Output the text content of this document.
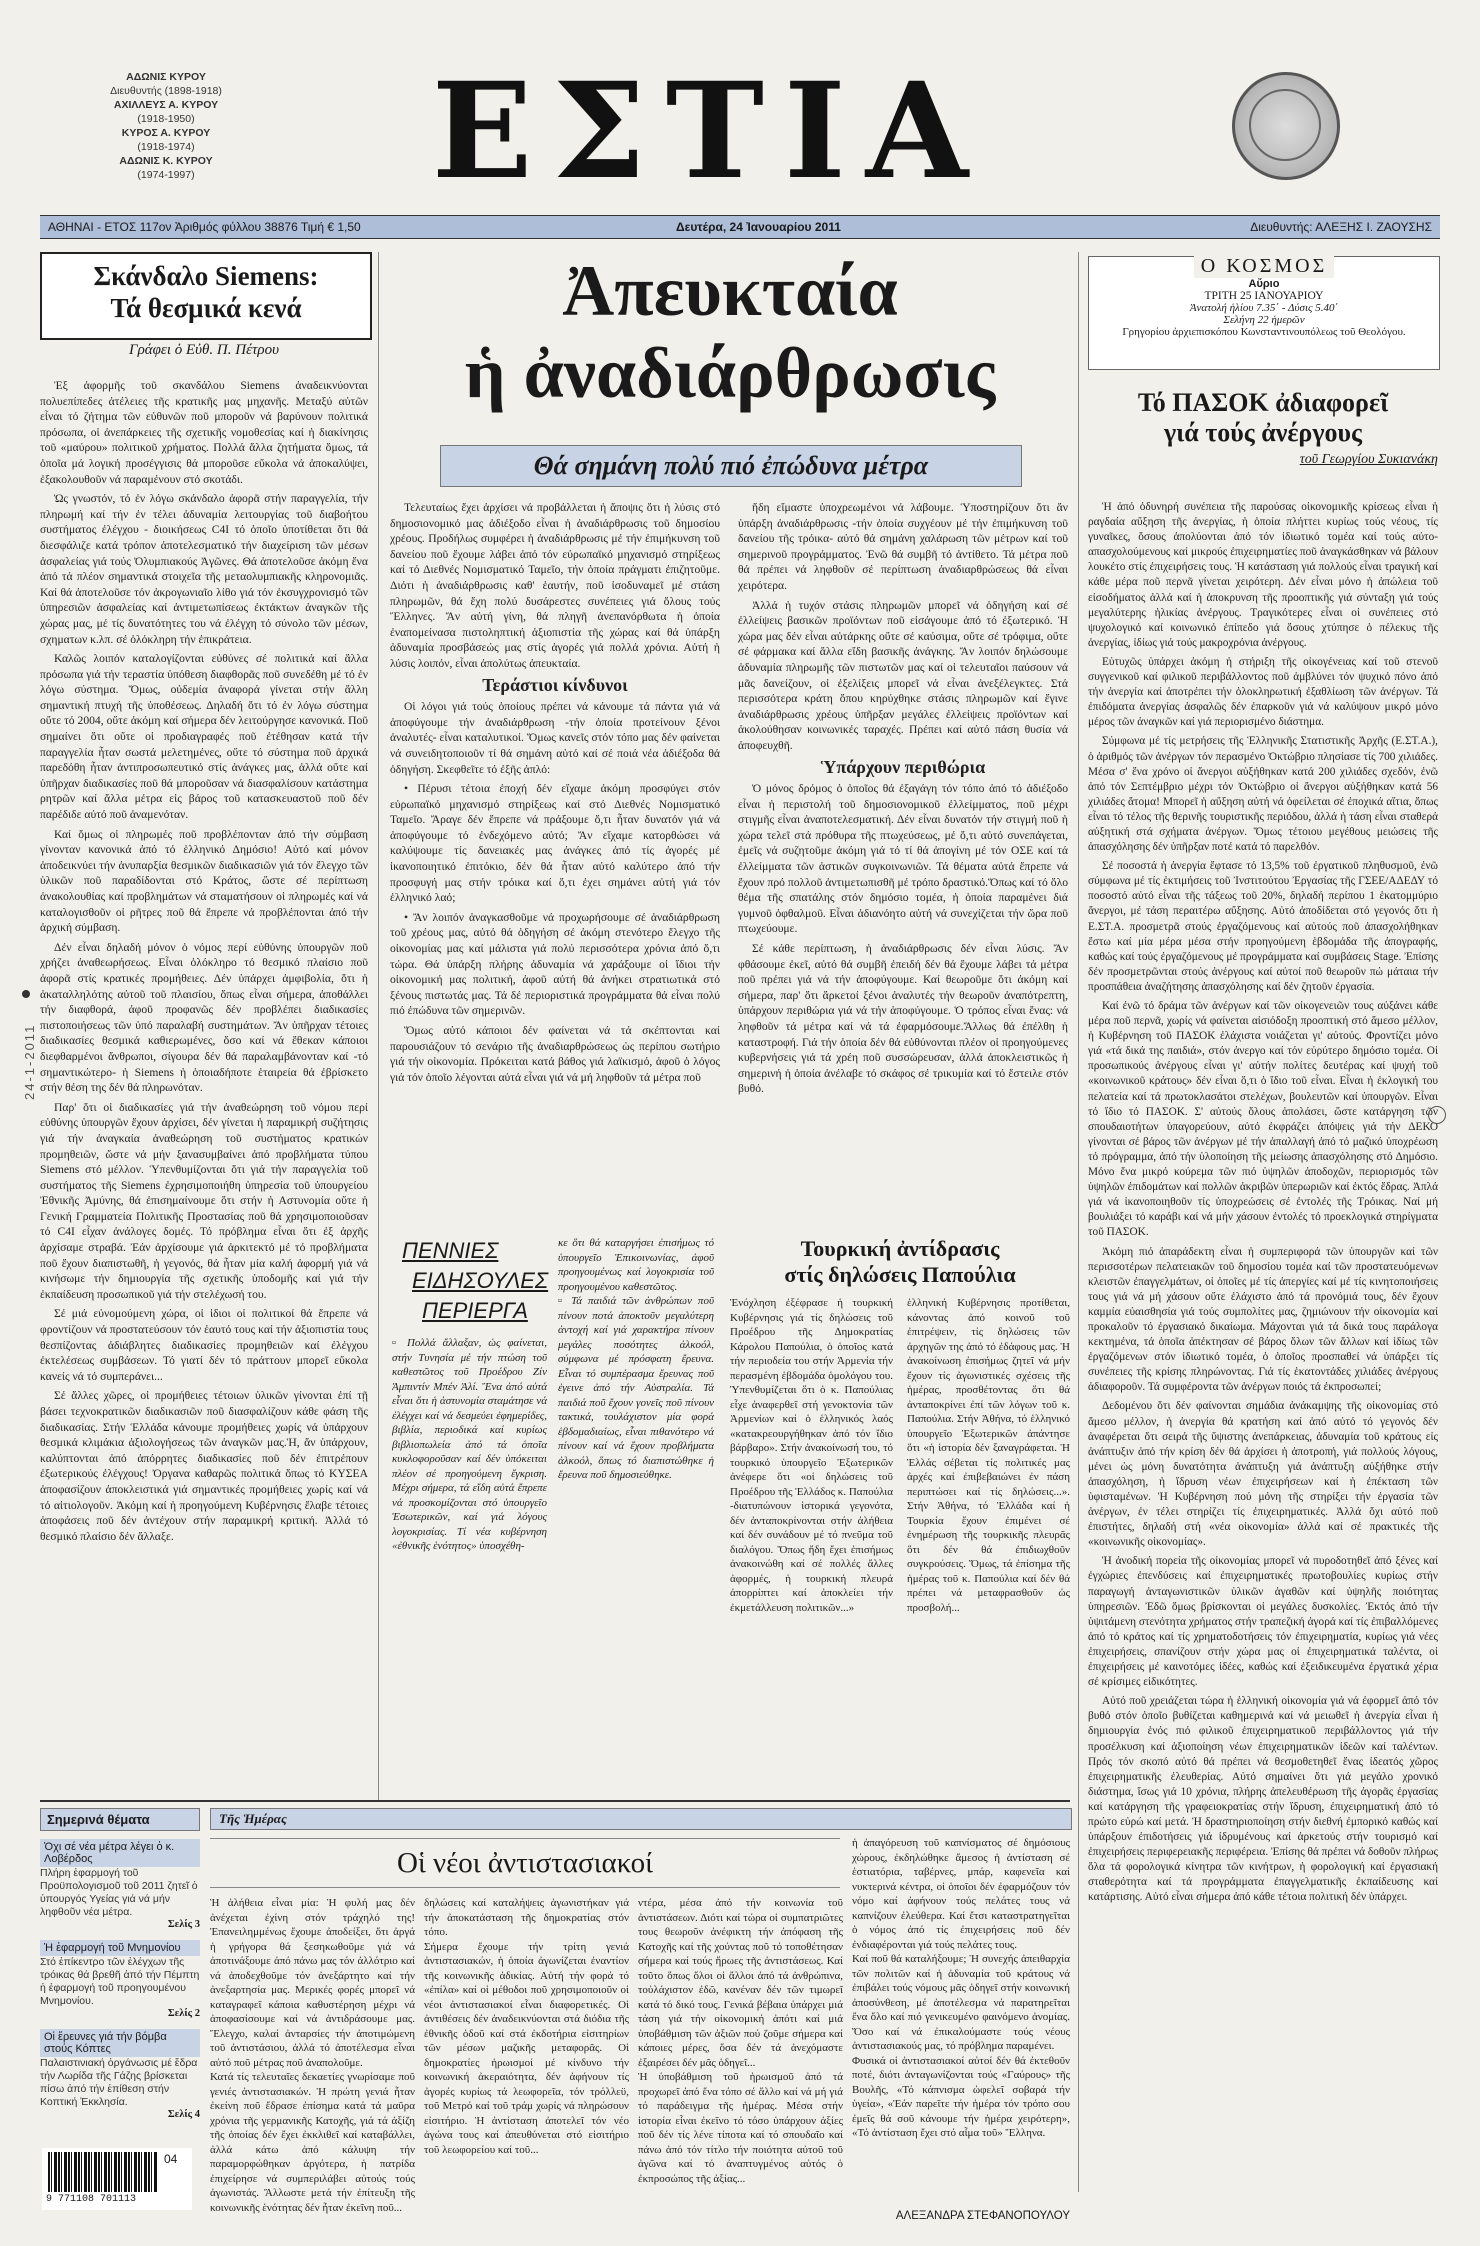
ΑΔΩΝΙΣ ΚΥΡΟΥ
Διευθυντής (1898-1918)
ΑΧΙΛΛΕΥΣ Α. ΚΥΡΟΥ
(1918-1950)
ΚΥΡΟΣ Α. ΚΥΡΟΥ
(1918-1974)
ΑΔΩΝΙΣ Κ. ΚΥΡΟΥ
(1974-1997)	ΕΣΤΙΑ
ΑΘΗΝΑΙ - ΕΤΟΣ 117ον Ἀριθμός φύλλου 38876 Τιμή € 1,50	Δευτέρα, 24 Ἰανουαρίου 2011	Διευθυντής: ΑΛΕΞΗΣ Ι. ΖΑΟΥΣΗΣ
24-1-2011
Σκάνδαλο Siemens:
Τά θεσμικά κενά
Γράφει ὁ Εὐθ. Π. Πέτρου

Ἐξ ἀφορμῆς τοῦ σκανδάλου Siemens ἀναδεικνύονται πολυεπίπεδες ἀτέλειες τῆς κρατικῆς μας μηχανῆς. Μεταξύ αὐτῶν εἶναι τό ζήτημα τῶν εὐθυνῶν ποῦ μποροῦν νά βαρύνουν πολιτικά πρόσωπα, οἱ ἀνεπάρκειες τῆς σχετικῆς νομοθεσίας καί ἡ διακίνησις τοῦ «μαύρου» πολιτικοῦ χρήματος. Πολλά ἄλλα ζητήματα ὅμως, τά ὁποῖα μά λογική προσέγγισις θά μποροῦσε εὔκολα νά ἀποκαλύψει, ἐξακολουθοῦν νά παραμένουν στό σκοτάδι.

Ὡς γνωστόν, τό ἐν λόγω σκάνδαλο ἀφορᾶ στήν παραγγελία, τήν πληρωμή καί τήν ἐν τέλει ἀδυναμία λειτουργίας τοῦ διαβοήτου συστήματος ἐλέγχου - διοικήσεως C4I τό ὁποῖο ὑποτίθεται ὅτι θά διεσφάλιζε κατά τρόπον ἀποτελεσματικό τήν διαχείριση τῶν μέσων ἀσφαλείας γιά τούς Ὀλυμπιακούς Ἀγῶνες. Θά ἀποτελοῦσε ἀκόμη ἕνα ἀπό τά πλέον σημαντικά στοιχεῖα τῆς μεταολυμπιακῆς κληρονομιᾶς. Καί θά ἀποτελοῦσε τόν ἀκρογωνιαῖο λίθο γιά τόν ἐκσυγχρονισμό τῶν ὑπηρεσιῶν ἀσφαλείας καί ἀντιμετωπίσεως ἐκτάκτων ἀναγκῶν τῆς χώρας μας, μέ τίς δυνατότητες του νά ἐλέγχη τό σύνολο τῶν μέσων, σχηματων κ.λπ. σέ ὁλόκληρη τήν ἐπικράτεια.

Καλῶς λοιπόν καταλογίζονται εὐθύνες σέ πολιτικά καί ἄλλα πρόσωπα γιά τήν τεραστία ὑπόθεση διαφθορᾶς ποῦ συνεδέθη μέ τό ἐν λόγω σύστημα. Ὅμως, οὐδεμία ἀναφορά γίνεται στήν ἄλλη σημαντική πτυχή τῆς ὑποθέσεως. Δηλαδή ὅτι τό ἐν λόγω σύστημα οὔτε τό 2004, οὔτε ἀκόμη καί σήμερα δέν λειτούργησε κανονικά. Ποῦ σημαίνει ὅτι οὔτε οἱ προδιαγραφές ποῦ ἐτέθησαν κατά τήν παραγγελία ἦταν σωστά μελετημένες, οὔτε τό σύστημα ποῦ ἀρχικά παρεδόθη ἦταν ἀντιπροσωπευτικό στίς ἀνάγκες μας, ἀλλά οὔτε καί ὑπῆρχαν διαδικασίες ποῦ θά μποροῦσαν νά διασφαλίσουν κατάστημα ρητρῶν καί ἄλλα μέτρα εἰς βάρος τοῦ κατασκευαστοῦ ποῦ δέν παρέδιδε αὐτό ποῦ ἀναμενόταν.

Καί ὅμως οἱ πληρωμές ποῦ προβλέπονταν ἀπό τήν σύμβαση γίνονταν κανονικά ἀπό τό ἑλληνικό Δημόσιο! Αὐτό καί μόνον ἀποδεικνύει τήν ἀνυπαρξία θεσμικῶν διαδικασιῶν γιά τόν ἔλεγχο τῶν ὑλικῶν ποῦ παραδίδονται στό Κράτος, ὥστε σέ περίπτωση ἀνακολουθίας καί προβλημάτων νά σταματήσουν οἱ πληρωμές καί νά καταλογισθοῦν οἱ ρῆτρες ποῦ θά ἔπρεπε νά προβλέπονται ἀπό τήν ἀρχική σύμβαση.

Δέν εἶναι δηλαδή μόνον ὁ νόμος περί εὐθύνης ὑπουργῶν ποῦ χρήζει ἀναθεωρήσεως. Εἶναι ὁλόκληρο τό θεσμικό πλαίσιο ποῦ ἀφορᾶ στίς κρατικές προμήθειες. Δέν ὑπάρχει ἀμφιβολία, ὅτι ἡ ἀκαταλληλότης αὐτοῦ τοῦ πλαισίου, ὅπως εἶναι σήμερα, ἀποθάλλει τήν διαφθορά, ἀφοῦ προφανῶς δέν προβλέπει διαδικασίες πιστοποιήσεως τῶν ὑπό παραλαβή συστημάτων. Ἄν ὑπῆρχαν τέτοιες διαδικασίες θεσμικά καθιερωμένες, ὅσο καί νά ἔθεκαν κάποιοι διεφθαρμένοι ἄνθρωποι, σίγουρα δέν θά παραλαμβάνονταν καί -τό σημαντικώτερο- ἡ Siemens ἡ ὁποιαδήποτε ἑταιρεία θά ἐβρίσκετο στήν θέση της δέν θά πληρωνόταν.

Παρ' ὅτι οἱ διαδικασίες γιά τήν ἀναθεώρηση τοῦ νόμου περί εὐθύνης ὑπουργῶν ἔχουν ἀρχίσει, δέν γίνεται ἡ παραμικρή συζήτησις γιά τήν ἀναγκαία ἀναθεώρηση τοῦ συστήματος κρατικών προμηθειῶν, ὥστε νά μήν ξανασυμβαίνει ἀπό προβλήματα τύπου Siemens στό μέλλον. Ὑπενθυμίζονται ὅτι γιά τήν παραγγελία τοῦ συστήματος τῆς Siemens ἐχρησιμοποιήθη ὑπηρεσία τοῦ ὑπουργείου Ἐθνικῆς Ἀμύνης, θά ἐπισημαίνουμε ὅτι στήν ἡ Αστυνομία οὔτε ἡ Γενική Γραμματεία Πολιτικῆς Προστασίας ποῦ θά χρησιμοποιοῦσαν τό C4I εἶχαν ἀνάλογες δομές. Τό πρόβλημα εἶναι ὅτι ἐξ ἀρχῆς ἀρχίσαμε στραβά. Ἐάν ἀρχίσουμε γιά ἀρκιτεκτό μέ τό προβλήματα ποῦ ἔχουν διαπιστωθῆ, ἡ γεγονός, θά ἦταν μία καλή ἀφορμή γιά νά κινήσωμε τήν δημιουργία τῆς σχετικῆς ὑποδομῆς καί γιά τήν ἐκπαίδευση προσωπικοῦ γιά τήν στελέχωσή του.

Σέ μιά εὐνομούμενη χώρα, οἱ ἰδιοι οἱ πολιτικοί θά ἔπρεπε νά φροντίζουν νά προστατεύσουν τόν ἑαυτό τους καί τήν ἀξιοπιστία τους θεσπίζοντας ἀδιάβλητες διαδικασίες προμηθειῶν καί ἐλέγχου ἐκτελέσεως συμβάσεων. Τό γιατί δέν τό πράττουν μπορεῖ εὔκολα κανείς νά τό συμπεράνει...

Σέ ἄλλες χῶρες, οἱ προμήθειες τέτοιων ὑλικῶν γίνονται ἐπί τῇ βάσει τεχνοκρατικῶν διαδικασιῶν ποῦ διασφαλίζουν κάθε φάση τῆς διαδικασίας. Στήν Ἑλλάδα κάνουμε προμήθειες χωρίς νά ὑπάρχουν θεσμικά κλιμάκια ἀξιολογήσεως τῶν ἀναγκῶν μας.Ἡ, ἄν ὑπάρχουν, καλύπτονται ἀπό ἀπόρρητες διαδικασίες ποῦ δέν ἐπιτρέπουν ἐξωτερικούς ἐλέγχους! Ὀργανα καθαρῶς πολιτικά ὅπως τό ΚΥΣΕΑ ἀποφασίζουν ἀποκλειστικά γιά σημαντικές προμήθειες χωρίς καί νά τό αἰτιολογοῦν. Ἀκόμη καί ἡ προηγούμενη Κυβέρνησις ἔλαβε τέτοιες ἀποφάσεις ποῦ δέν ἀντέχουν στήν παραμικρή κριτική. Ἀλλά τό θεσμικό πλαίσιο δέν ἄλλαξε.

Ἀπευκταία
ἡ ἀναδιάρθρωσις
Θά σημάνη πολύ πιό ἐπώδυνα μέτρα

Τελευταίως ἔχει ἀρχίσει νά προβάλλεται ἡ ἄποψις ὅτι ἡ λύσις στό δημοσιονομικό μας ἀδιέξοδο εἶναι ἡ ἀναδιάρθρωσις τοῦ δημοσίου χρέους. Προδήλως συμφέρει ἡ ἀναδιάρθρωσις μέ τήν ἐπιμήκυνση τοῦ δανείου ποῦ ἔχουμε λάβει ἀπό τόν εὐρωπαϊκό μηχανισμό στηρίξεως καί τό Διεθνές Νομισματικό Ταμεῖο, τήν ὁποία πράγματι ἐπιζητοῦμε. Διότι ἡ ἀναδιάρθρωσις καθ' ἑαυτήν, ποῦ ἰσοδυναμεῖ μέ στάση πληρωμῶν, θά ἔχη πολύ δυσάρεστες συνέπειες γιά ὅλους τούς Ἕλληνες. Ἄν αὐτή γίνη, θά πληγῆ ἀνεπανόρθωτα ἡ ὁποία ἐναπομείνασα πιστοληπτική ἀξιοπιστία τῆς χώρας καί θά ὑπάρξη ἀδυναμία προσβάσεώς μας στίς ἀγορές γιά πολλά χρόνια. Αὐτή ἡ λύσις λοιπόν, εἶναι ἀπολύτως ἀπευκταία.

Τεράστιοι κίνδυνοι

Οἱ λόγοι γιά τούς ὁποίους πρέπει νά κάνουμε τά πάντα γιά νά ἀποφύγουμε τήν ἀναδιάρθρωση -τήν ὁποία προτείνουν ξένοι ἀναλυτές- εἶναι καταλυτικοί. Ὅμως κανεῖς στόν τόπο μας δέν φαίνεται νά συνειδητοποιοῦν τί θά σημάνη αὐτό καί σέ ποιά νέα ἀδιέξοδα θά ὁδηγήση. Σκεφθεῖτε τό ἐξῆς ἁπλό:

• Πέρυσι τέτοια ἐποχή δέν εἴχαμε ἀκόμη προσφύγει στόν εὐρωπαϊκό μηχανισμό στηρίξεως καί στό Διεθνές Νομισματικό Ταμεῖο. Ἄραγε δέν ἔπρεπε νά πράξουμε ὅ,τι ἦταν δυνατόν γιά νά ἀποφύγουμε τό ἐνδεχόμενο αὐτό; Ἄν εἴχαμε κατορθώσει νά καλύψουμε τίς δανειακές μας ἀνάγκες ἀπό τίς ἀγορές μέ ἱκανοποιητικό ἐπιτόκιο, δέν θά ἦταν αὐτό καλύτερο ἀπό τήν προσφυγή μας στήν τρόικα καί ὅ,τι ἐχει σημάνει αὐτή γιά τόν ἑλληνικό λαό;

• Ἄν λοιπόν ἀναγκασθοῦμε νά προχωρήσουμε σέ ἀναδιάρθρωση τοῦ χρέους μας, αὐτό θά ὁδηγήση σέ ἀκόμη στενότερο ἔλεγχο τῆς οἰκονομίας μας καί μάλιστα γιά πολύ περισσότερα χρόνια ἀπό ὅ,τι τώρα. Θά ὑπάρξη πλήρης ἀδυναμία νά χαράξουμε οἱ ἴδιοι τήν οἰκονομική μας πολιτική, ἀφοῦ αὐτή θά ἀνήκει στρατιωτικά στό ξένους πιστωτάς μας. Τά δέ περιοριστικά προγράμματα θά εἶναι πολύ πιό ἐπώδυνα τῶν σημερινῶν.

Ὅμως αὐτό κάποιοι δέν φαίνεται νά τά σκέπτονται καί παρουσιάζουν τό σενάριο τῆς ἀναδιαρθρώσεως ὡς περίπου σωτήριο γιά τήν οἰκονομία. Πρόκειται κατά βάθος γιά λαϊκισμό, ἀφοῦ ὁ λόγος γιά τόν ὁποῖο λέγονται αὐτά εἶναι γιά νά μή ληφθοῦν τά μέτρα ποῦ

ἤδη εἴμαστε ὑποχρεωμένοι νά λάβουμε. Ὑποστηρίζουν ὅτι ἄν ὑπάρξη ἀναδιάρθρωσις -τήν ὁποία συχγέουν μέ τήν ἐπιμήκυνση τοῦ δανείου τῆς τρόικα- αὐτό θά σημάνη χαλάρωση τῶν μέτρων καί τοῦ σημερινοῦ προγράμματος. Ἐνῶ θά συμβῆ τό ἀντίθετο. Τά μέτρα ποῦ θά πρέπει νά ληφθοῦν σέ περίπτωση ἀναδιαρθρώσεως θά εἶναι χειρότερα.

Ἀλλά ἡ τυχόν στάσις πληρωμῶν μπορεῖ νά ὁδηγήση καί σέ ἐλλείψεις βασικῶν προϊόντων ποῦ εἰσάγουμε ἀπό τό ἐξωτερικό. Ἡ χώρα μας δέν εἶναι αὐτάρκης οὔτε σέ καύσιμα, οὔτε σέ τρόφιμα, οὔτε σέ φάρμακα καί ἄλλα εἴδη βασικῆς ἀνάγκης. Ἄν λοιπόν δηλώσουμε ἀδυναμία πληρωμῆς τῶν πιστωτῶν μας καί οἱ τελευταῖοι παύσουν νά μᾶς δανείζουν, οἱ ἐξελίξεις μπορεῖ νά εἶναι ἀνεξέλεγκτες. Στά περισσότερα κράτη ὅπου κηρύχθηκε στάσις πληρωμῶν καί ἔγινε ἀναδιάρθρωσις χρέους ὑπῆρξαν μεγάλες ἐλλείψεις προϊόντων καί ἀκολούθησαν κοινωνικές ταραχές. Πρέπει καί αὐτό πάση θυσία νά ἀποφευχθῆ.

Ὑπάρχουν περιθώρια

Ὁ μόνος δρόμος ὁ ὁποῖος θά ἐξαγάγη τόν τόπο ἀπό τό ἀδιέξοδο εἶναι ἡ περιστολή τοῦ δημοσιονομικοῦ ἐλλείμματος, ποῦ μέχρι στιγμῆς εἶναι ἀναποτελεσματική. Δέν εἶναι δυνατόν τήν στιγμή ποῦ ἡ χώρα τελεῖ στά πρόθυρα τῆς πτωχεύσεως, μέ ὅ,τι αὐτό συνεπάγεται, ἐμεῖς νά συζητοῦμε ἀκόμη γιά τό τί θά ἀπογίνη μέ τόν ΟΣΕ καί τά ἐλλείμματα τῶν ἀστικῶν συγκοινωνιῶν. Τά θέματα αὐτά ἔπρεπε νά ἔχουν πρό πολλοῦ ἀντιμετωπισθῆ μέ τρόπο δραστικό.Ὅπως καί τό ὅλο θέμα τῆς σπατάλης στόν δημόσιο τομέα, ἡ ὁποία παραμένει διά γυμνοῦ ὀφθαλμοῦ. Εἶναι ἀδιανόητο αὐτή νά συνεχίζεται τήν ὥρα ποῦ πτωχεύουμε.

Σέ κάθε περίπτωση, ἡ ἀναδιάρθρωσις δέν εἶναι λύσις. Ἄν φθάσουμε ἐκεῖ, αὐτό θά συμβῆ ἐπειδή δέν θά ἔχουμε λάβει τά μέτρα ποῦ πρέπει γιά νά τήν ἀποφύγουμε. Καί θεωροῦμε ὅτι ἀκόμη καί σήμερα, παρ' ὅτι ἄρκετοί ξένοι ἀναλυτές τήν θεωροῦν ἀναπότρεπτη, ὑπάρχουν περιθώρια γιά νά τήν ἀποφύγουμε. Ὁ τρόπος εἶναι ἕνας: νά ληφθοῦν τά μέτρα καί νά τά ἐφαρμόσουμε.Ἄλλως θά ἐπέλθη ἡ καταστροφή. Γιά τήν ὁποία δέν θά εὐθύνονται πλέον οἱ προηγούμενες κυβερνήσεις γιά τά χρέη ποῦ συσσώρευσαν, ἀλλά ἀποκλειστικῶς ἡ σημερινή ἡ ὁποία ἀνέλαβε τό σκάφος σέ τρικυμία καί τό ἔστειλε στόν βυθό.

ΠΕΝΝΙΕΣ
ΕΙΔΗΣΟΥΛΕΣ
ΠΕΡΙΕΡΓΑ
▫ Πολλά ἄλλαξαν, ὡς φαίνεται, στήν Τυνησία μέ τήν πτώση τοῦ καθεστῶτος τοῦ Προέδρου Ζίν Ἀμπιντίν Μπέν Ἀλί. Ἕνα ἀπό αὐτά εἶναι ὅτι ἡ ἀστυνομία σταμάτησε νά ἐλέγχει καί νά δεσμεύει ἐφημερίδες, βιβλία, περιοδικά καί κυρίως βιβλιοπωλεία ἀπό τά ὁποῖα κυκλοφοροῦσαν καί δέν ὑπόκειται πλέον σέ προηγούμενη ἔγκριση. Μέχρι σήμερα, τά εἴδη αὐτά ἔπρεπε νά προσκομίζονται στό ὑπουργεῖο Ἐσωτερικῶν, καί γιά λόγους λογοκρισίας. Τί νέα κυβέρνηση «ἐθνικῆς ἑνότητος» ὑποσχέθη-
κε ὅτι θά καταργήσει ἐπισήμως τό ὑπουργεῖο Ἐπικοινωνίας, ἀφοῦ προηγουμένως καί λογοκρισία τοῦ προηγουμένου καθεστῶτος.
▫ Τά παιδιά τῶν ἀνθρώπων ποῦ πίνουν ποτά ἀποκτοῦν μεγαλύτερη ἀντοχή καί γιά χαρακτήρα πίνουν μεγάλες ποσότητες ἀλκοόλ, σύμφωνα μέ πρόσφατη ἔρευνα. Εἶναι τό συμπέρασμα ἔρευνας ποῦ ἐγεινε ἀπό τήν Αὐστραλία. Τά παιδιά ποῦ ἔχουν γονεῖς ποῦ πίνουν τακτικά, τουλάχιστον μία φορά ἑβδομαδιαίως, εἶναι πιθανότερο νά πίνουν καί νά ἔχουν προβλήματα ἀλκοόλ, ὅπως τό διαπιστώθηκε ἡ ἔρευνα ποῦ δημοσιεύθηκε.
Τουρκική ἀντίδρασις
στίς δηλώσεις Παπούλια
Ἐνόχληση ἐξέφρασε ἡ τουρκική Κυβέρνησις γιά τίς δηλώσεις τοῦ Προέδρου τῆς Δημοκρατίας Κάρολου Παπούλια, ὁ ὁποῖος κατά τήν περιοδεία του στήν Ἀρμενία τήν περασμένη ἑβδομάδα ὁμολόγου του. Ὑπενθυμίζεται ὅτι ὁ κ. Παπούλιας εἶχε ἀναφερθεῖ στή γενοκτονία τῶν Ἀρμενίων καί ὁ ἑλληνικός λαός «κατακρεουργήθηκαν ἀπό τόν ἴδιο βάρβαρο». Στήν ἀνακοίνωσή του, τό τουρκικό ὑπουργεῖο Ἐξωτερικῶν ἀνέφερε ὅτι «οἱ δηλώσεις τοῦ Προέδρου τῆς Ἑλλάδος κ. Παπούλια -διατυπώνουν ἱστορικά γεγονότα, δέν ἀνταποκρίνονται στήν ἀλήθεια καί δέν συνάδουν μέ τό πνεῦμα τοῦ διαλόγου. Ὅπως ἤδη ἔχει ἐπισήμως ἀνακοινώθη καί σέ πολλές ἄλλες ἀφορμές, ἡ τουρκική πλευρά ἀπορρίπτει καί ἀποκλείει τήν ἐκμετάλλευση πολιτικῶν...»
ἑλληνική Κυβέρνησις προτίθεται, κάνοντας ἀπό κοινοῦ τοῦ ἐπιτρέψειν, τίς δηλώσεις τῶν ἀρχηγῶν της ἀπό τό ἐδάφους μας. Ἡ ἀνακοίνωση ἐπισήμως ζητεῖ νά μήν ἔχουν τίς ἀγωνιστικές σχέσεις τῆς ἡμέρας, προσθέτοντας ὅτι θά ἀνταποκρίνει ἐπί τῶν λόγων τοῦ κ. Παπούλια. Στήν Ἀθήνα, τό ἑλληνικό ὑπουργεῖο Ἐξωτερικῶν ἀπάντησε ὅτι «ἡ ἱστορία δέν ξαναγράφεται. Ἡ Ἑλλάς σέβεται τίς πολιτικές μας ἀρχές καί ἐπιβεβαιώνει ἐν πάση περιπτώσει καί τίς δηλώσεις...». Στήν Ἀθήνα, τό Ἑλλάδα καί ἡ Τουρκία ἔχουν ἐπιμένει σέ ἐνημέρωση τῆς τουρκικῆς πλευρᾶς ὅτι δέν θά ἐπιδιωχθοῦν συγκρούσεις. Ὅμως, τά ἐπίσημα τῆς ἡμέρας τοῦ κ. Παπούλια καί δέν θά πρέπει νά μεταφρασθοῦν ὡς προσβολή...
Ο ΚΟΣΜΟΣ
Αὔριο
ΤΡΙΤΗ 25 ΙΑΝΟΥΑΡΙΟΥ
Ἀνατολή ἡλίου 7.35΄ - Δύσις 5.40΄
Σελήνη 22 ἡμερῶν
Γρηγορίου ἀρχιεπισκόπου Κωνσταντινουπόλεως τοῦ Θεολόγου.
Τό ΠΑΣΟΚ ἀδιαφορεῖ
γιά τούς ἀνέργους
τοῦ Γεωργίου Συκιανάκη

Ἡ ἀπό ὀδυνηρή συνέπεια τῆς παρούσας οἰκονομικῆς κρίσεως εἶναι ἡ ραγδαία αὔξηση τῆς ἀνεργίας, ἡ ὁποία πλήττει κυρίως τούς νέους, τίς γυναῖκες, ὅσους ἀπολύονται ἀπό τόν ἰδιωτικό τομέα καί τούς αὐτο-απασχολούμενους καί μικρούς ἐπιχειρηματίες ποῦ ἀναγκάσθηκαν νά βάλουν λουκέτο στίς ἐπιχειρήσεις τους. Ἡ κατάσταση γιά πολλούς εἶναι τραγική καί κάθε μέρα ποῦ περνᾶ γίνεται χειρότερη. Δέν εἶναι μόνο ἡ ἀπώλεια τοῦ εἰσοδήματος ἀλλά καί ἡ ἀποκρυνση τῆς προοπτικῆς γιά σύνταξη γιά τούς μεγαλύτερης ἡλικίας ἀνέργους. Τραγικότερες εἶναι οἱ συνέπειες στό ψυχολογικό καί κοινωνικό ἐπίπεδο γιά ὅσους χτύπησε ὁ πέλεκυς τῆς ἀνεργίας, ἰδίως γιά τούς μακροχρόνια ἀνέργους.

Εὐτυχῶς ὑπάρχει ἀκόμη ἡ στήριξη τῆς οἰκογένειας καί τοῦ στενοῦ συγγενικοῦ καί φιλικοῦ περιβάλλοντος ποῦ ἀμβλύνει τόν ψυχικό πόνο ἀπό τήν ἀνεργία καί ἀποτρέπει τήν ὁλοκληρωτική ἐξαθλίωση τῶν ἀνέργων. Τά ἐπιδόματα ἀνεργίας ἀσφαλῶς δέν ἐπαρκοῦν γιά νά καλύψουν μικρό μόνο μέρος τῶν ἀναγκῶν καί γιά περιορισμένο διάστημα.

Σύμφωνα μέ τίς μετρήσεις τῆς Ἑλληνικῆς Στατιστικῆς Ἀρχῆς (Ε.ΣΤ.Α.), ὁ ἀριθμός τῶν ἀνέργων τόν περασμένο Ὀκτώβριο πλησίασε τίς 700 χιλιάδες. Μέσα σ' ἕνα χρόνο οἱ ἄνεργοι αὐξήθηκαν κατά 200 χιλιάδες σχεδόν, ἐνῶ ἀπό τόν Σεπτέμβριο μέχρι τόν Ὀκτώβριο οἱ ἄνεργοι αὐξήθηκαν κατά 56 χιλιάδες ἄτομα! Μπορεῖ ἡ αὔξηση αὐτή νά ὀφείλεται σέ ἐποχικά αἴτια, ὅπως εἶναι τό τέλος τῆς θερινῆς τουριστικῆς περιόδου, ἀλλά ἡ τάση εἶναι σταθερά αὐξητική στά σχήματα ἀνέργων. Ὅμως τέτοιου μεγέθους μειώσεις τῆς ἀπασχόλησης δέν ὑπῆρξαν ποτέ κατά τό παρελθόν.

Σέ ποσοστά ἡ ἀνεργία ἔφτασε τό 13,5% τοῦ ἐργατικοῦ πληθυσμοῦ, ἐνῶ σύμφωνα μέ τίς ἐκτιμήσεις τοῦ Ἰνστιτούτου Ἐργασίας τῆς ΓΣΕΕ/ΑΔΕΔΥ τό ποσοστό αὐτό εἶναι τῆς τάξεως τοῦ 20%, δηλαδή περίπου 1 ἑκατομμύριο ἄνεργοι, μέ τάση περαιτέρω αὔξησης. Αὐτό ἀποδίδεται στό γεγονός ὅτι ἡ Ε.ΣΤ.Α. προσμετρᾶ στούς ἐργαζόμενους καί αὐτούς ποῦ ἀπασχολήθηκαν ἔστω καί μία μέρα μέσα στήν προηγούμενη ἑβδομάδα τῆς ἀπογραφής, καθώς καί τούς ἐργαζόμενους μέ προγράμματα καί συμβάσεις Stage. Ἐπίσης δέν προσμετρῶνται στούς ἀνέργους καί αὐτοί ποῦ θεωροῦν πώ μάταια τήν προσπάθεια ἀναζήτησης ἀπασχόλησης καί δέν ζητοῦν ἐργασία.

Καί ἐνῶ τό δράμα τῶν ἀνέργων καί τῶν οἰκογενειῶν τους αὐξάνει κάθε μέρα ποῦ περνᾶ, χωρίς νά φαίνεται αἰσιόδοξη προοπτική στό ἄμεσο μέλλον, ἡ Κυβέρνηση τοῦ ΠΑΣΟΚ ἐλάχιστα νοιάζεται γι' αὐτούς. Φροντίζει μόνο γιά «τά δικά της παιδιά», στόν ἀνεργο καί τόν εὐρύτερο δημόσιο τομέα. Οἱ προσωπικούς ἀνέργους εἶναι γι' αὐτήν πολίτες δευτέρας καί ψυχή τοῦ «κοινωνικοῦ κράτους» δέν εἶναι ὅ,τι ὁ ἴδιο τοῦ εἶναι. Εἶναι ἡ ἐκλογική του πελατεία καί τά πρωτοκλασάτοι στελέχων, βουλευτῶν καί ὑπουργῶν. Εἶναι τό ἴδιο τό ΠΑΣΟΚ. Σ' αὐτούς ὅλους ἀπολάσει, ὥστε κατάργηση τῶν σπουδαιοτήτων ὑπαγορεύουν, αὐτό ἐκφράζει ἀπόψεις γιά τήν ΔΕΚΟ γίνονται σέ βάρος τῶν ἀνέργων μέ τήν ἀπαλλαγή ἀπό τό μαζικό ὑποχρέωση τό πρόγραμμα, ἀπό τήν ὑλοποίηση τῆς μείωσης ἀπασχόλησης στό Δημόσιο. Μόνο ἕνα μικρό κούρεμα τῶν πιό ὑψηλῶν ἀποδοχῶν, περιορισμός τῶν ὑψηλῶν ἐπιδομάτων καί πολλῶν ἀκριβῶν ὑπερωριῶν καί ἐκτός ἕδρας. Ἀπλά γιά νά ἱκανοποιηθοῦν τίς ὑποχρεώσεις σέ ἐντολές τῆς Τρόικας. Ναί μή βουλιάξει τό καράβι καί νά μήν χάσουν ἐντολές τό προεκλογικά στηρίγματα τοῦ ΠΑΣΟΚ.

Ἀκόμη πιό ἀπαράδεκτη εἶναι ἡ συμπεριφορά τῶν ὑπουργῶν καί τῶν περισσοτέρων πελατειακῶν τοῦ δημοσίου τομέα καί τῶν προστατευόμενων κλειστῶν ἐπαγγελμάτων, οἱ ὁποῖες μέ τίς ἀπεργίες καί μέ τίς κινητοποιήσεις τους γιά νά μή χάσουν οὔτε ἐλάχιστο ἀπό τά προνόμιά τους, δέν ἔχουν καμμία εὐαισθησία γιά τούς συμπολίτες μας, ζημιώνουν τήν οἰκονομία καί προκαλοῦν τό ἐργασιακό δικαίωμα. Μάχονται γιά τά δικά τους παράλογα κεκτημένα, τά ὁποῖα ἀπέκτησαν σέ βάρος ὅλων τῶν ἄλλων καί ἰδίως τῶν ἐργαζόμενων στόν ἰδιωτικό τομέα, ὁ ὁποῖος προσπαθεί νά ὑπάρξει τίς συνέπειες τῆς κρίσης πληρώνοντας. Γιά τίς ἑκατοντάδες χιλιάδες ἀνέργους ἀδιαφοροῦν. Τά συμφέροντα τῶν ἀνέργων ποιός τά ἐκπροσωπεί;

Δεδομένου ὅτι δέν φαίνονται σημάδια ἀνάκαμψης τῆς οἰκονομίας στό ἄμεσο μέλλον, ἡ ἀνεργία θά κρατήση καί ἀπό αὐτό τό γεγονός δέν ἀναφέρεται ὅτι σειρά τῆς ὕψιστης ἀνεπάρκειας, ἀδυναμία τοῦ κράτους εἰς ἀνάπτυξιν ἀπό τήν κρίση δέν θά ἀρχίσει ἡ ἀποτροπή, γιά πολλούς λόγους, μένει ὡς μόνη δυνατότητα ἀνάπτυξη γιά ἀνάπτυξη αὐξήθηκε στήν ἀπασχόληση, ἡ ἴδρυση νέων ἐπιχειρήσεων καί ἡ ἐπέκταση τῶν ὑφισταμένων. Ἡ Κυβέρνηση πού μόνη τῆς στηρίξει τήν ἐργασία τῶν ἀνέργων, ἐν τέλει στηρίζει τίς ἐπιχειρηματικές. Ἀλλά ὄχι αὐτό ποῦ ἐπιστήτες, δηλαδή στή «νέα οἰκονομία» ἀλλά καί σέ πρακτικές τῆς «κοινωνικῆς οἰκονομίας».

Ἡ ἀνοδική πορεία τῆς οἰκονομίας μπορεῖ νά πυροδοτηθεῖ ἀπό ξένες καί ἐγχώριες ἐπενδύσεις καί ἐπιχειρηματικές πρωτοβουλίες κυρίως στήν παραγωγή ἀνταγωνιστικῶν ὑλικῶν ἀγαθῶν καί ὑψηλῆς ποιότητας ὑπηρεσιῶν. Ἐδῶ ὅμως βρίσκονται οἱ μεγάλες δυσκολίες. Ἐκτός ἀπό τήν ὑψιτάμενη στενότητα χρήματος στήν τραπεζική ἀγορά καί τίς ἐπιβαλλόμενες ἀπό τό κράτος καί τίς χρηματοδοτήσεις τόν ἐπιχειρηματία, κυρίως γιά νέες ἐπιχειρήσεις, σπανίζουν στήν χώρα μας οἱ ἐπιχειρηματικά ταλέντα, οἱ ἐπιχειρήσεις μέ καινοτόμες ἰδέες, καθώς καί ἐξειδικευμένα ἐργατικά χέρια σέ κρίσιμες εἰδικότητες.

Αὐτό ποῦ χρειάζεται τώρα ἡ ἑλληνική οἰκονομία γιά νά ἐφορμεῖ ἀπό τόν βυθό στόν ὁποῖο βυθίζεται καθημερινά καί νά μειωθεῖ ἡ ἀνεργία εἶναι ἡ δημιουργία ἑνός πιό φιλικοῦ ἐπιχειρηματικοῦ περιβάλλοντος γιά τήν προσέλκυση καί ἀξιοποίηση νέων ἐπιχειρηματικῶν ἰδεῶν καί ταλέντων. Πρός τόν σκοπό αὐτό θά πρέπει νά θεσμοθετηθεῖ ἕνας ἰδεατός χῶρος ἐπιχειρηματικῆς ἐλευθερίας. Αὐτό σημαίνει ὅτι γιά μεγάλο χρονικό διάστημα, ἴσως γιά 10 χρόνια, πλήρης ἀπελευθέρωση τῆς ἀγορᾶς ἐργασίας καί κατάργηση τῆς γραφειοκρατίας στήν ἵδρυση, ἐπιχειρηματική ἀπό τό πρώτο εὐρώ καί μετά. Ἡ δραστηριοποίηση στήν διεθνή ἐμπορικό καθώς καί ὑπάρξουν ἐπιδοτήσεις γιά ἰδρυμένους καί ἀρκετούς στήν τουρισμό καί ἐπιχειρήσεις περιφερειακῆς περιφέρεια. Ἐπίσης θά πρέπει νά δοθοῦν πλήρως ὅλα τά φορολογικά κίνητρα τῶν κινήτρων, ἡ φορολογική καί ἐργασιακή σταθερότητα καί τά προγράμματα ἐπαγγελματικῆς ἐκπαίδευσης καί κατάρτισης. Αὐτό εἶναι σήμερα ἀπό κάθε τέτοια πολιτική δέν ὑπάρχει.

Σημερινά θέματα
Ὁχι σέ νέα μέτρα λέγει ὁ κ. Λοβέρδος
Πλήρη ἐφαρμογή τοῦ Προϋπολογισμοῦ τοῦ 2011 ζητεῖ ὁ ὑπουργός Υγείας γιά νά μήν ληφθοῦν νέα μέτρα.
Σελίς 3
Ἡ ἐφαρμογή τοῦ Μνημονίου
Στό ἐπίκεντρο τῶν ἐλέγχων τῆς τρόικας θά βρεθῆ ἀπό τήν Πέμπτη ἡ ἐφαρμογή τοῦ προηγουμένου Μνημονίου.
Σελίς 2
Οἱ ἔρευνες γιά τήν βόμβα στούς Κόπτες
Παλαιστινιακή ὀργάνωσις μέ ἕδρα τήν Λωρίδα τῆς Γάζης βρίσκεται πίσω ἀπό τήν ἐπίθεση στήν Κοπτική Ἐκκλησία.
Σελίς 4
04
9 771108 701113
Τῆς Ἡμέρας
Οἱ νέοι ἀντιστασιακοί
Ἡ ἀλήθεια εἶναι μία: Ἡ φυλή μας δέν ἀνέχεται ἐχίνη στόν τράχηλό της! Ἐπανειλημμένως ἔχουμε ἀποδείξει, ὅτι ἀργά ἡ γρήγορα θά ξεσηκωθοῦμε γιά νά ἀποτινάξουμε ἀπό πάνω μας τόν ἀλλότριο καί νά ἀποδεχθοῦμε τόν ἀνεξάρτητο καί τήν ἀνεξαρτησία μας. Μερικές φορές μπορεῖ νά καταγραφεῖ κάποια καθυστέρηση μέχρι νά ἀποφασίσουμε καί νά ἀντιδράσουμε μας. Ἔλεγχο, καλαί ἀνταρσίες τήν ἀποτιμώμενη τοῦ ἀντιστάσιου, ἀλλά τό ἀποτέλεσμα εἶναι αὐτό ποῦ μέτρας ποῦ ἀναπολοῦμε.
Κατά τίς τελευταῖες δεκαετίες γνωρίσαμε ποῦ γενιές ἀντιστασιακών. Ἡ πρώτη γενιά ἦταν ἐκείνη ποῦ ἔδρασε ἐπίσημα κατά τά μαῦρα χρόνια τῆς γερμανικῆς Κατοχῆς, γιά τά ἀξίζη τῆς ὁποίας δέν ἔχει ἐκκλιθεῖ καί καταβάλλει, ἀλλά κάτω ἀπό κάλυψη τήν παραμορφώθηκαν ἀργότερα, ἡ πατρίδα ἐπιχείρησε νά συμπεριλάβει αὐτούς τούς ἀγωνιστάς. Ἄλλωστε μετά τήν ἐπίτευξη τῆς κοινωνικῆς ἑνότητας δέν ἦταν ἐκεῖνη ποῦ...
δηλώσεις καί καταλήψεις ἀγωνιστήκαν γιά τήν ἀποκατάσταση τῆς δημοκρατίας στόν τόπο.
Σήμερα ἔχουμε τήν τρίτη γενιά ἀντιστασιακών, ἡ ὁποία ἀγωνίζεται ἐναντίον τῆς κοινωνικῆς ἀδικίας. Αὐτή τήν φορά τό «ἐπίλα» καί οἱ μέθοδοι ποῦ χρησιμοποιοῦν οἱ νέοι ἀντιστασιακοί εἶναι διαφορετικές. Οἱ ἀντιθέσεις δέν ἀναδεικνύονται στά διόδια τῆς ἐθνικῆς ὁδοῦ καί στά ἐκδοτήρια εἰσιτηρίων τῶν μέσων μαζικῆς μεταφορᾶς. Οἱ δημοκρατίες ἡρωισμοί μέ κίνδυνο τήν κοινωνική ἀκεραιότητα, δέν ἀφήνουν τίς ἀγορές κυρίως τά λεωφορεῖα, τόν τρόλλεϋ, τοῦ Μετρό καί τοῦ τράμ χωρίς νά πληρώσουν εἰσιτήριο. Ἡ ἀντίσταση ἀποτελεῖ τόν νέο ἀγώνα τους καί ἀπευθύνεται στό εἰσιτήριο τοῦ λεωφορείου καί τοῦ...
ντέρα, μέσα ἀπό τήν κοινωνία τοῦ ἀντιστάσεων. Διότι καί τώρα οἱ συμπατριῶτες τους θεωροῦν ἀνέφικτη τήν ἀπόφαση τῆς Κατοχῆς καί τῆς χούντας ποῦ τό τοποθέτησαν σήμερα καί τούς ἥρωες τῆς ἀντιστάσεως. Καί τοῦτο ὅπως ὅλοι οἱ ἄλλοι ἀπό τά ἀνθρώπινα, τοὐλάχιστον ἐδῶ, κανέναν δέν τῶν τιμωρεῖ κατά τό δικό τους. Γενικά βέβαια ὑπάρχει μιά τάση γιά τήν οἰκονομική ἀπότι καί μιά ὑποβάθμιση τῶν ἀξιῶν πού ζοῦμε σήμερα καί κάποιες μέρες, ὅσα δέν τά ἀνεχόμαστε ἐξαιρέσει δέν μᾶς ὁδηγεῖ...
Ἡ ὑποβάθμιση τοῦ ἡρωισμοῦ ἀπό τά προχωρεῖ ἀπό ἕνα τόπο σέ ἄλλο καί νά μή γιά τό παράδειγμα τῆς ἡμέρας. Μέσα στήν ἱστορία εἶναι ἐκεῖνο τό τόσο ὑπάρχουν ἀξίες ποῦ δέν τίς λένε τίποτα καί τό σπουδαῖο καί πάνω ἀπό τόν τίτλο τήν ποιότητα αὐτοῦ τοῦ ἀγῶνα καί τό ἀναπτυγμένος αὐτός ὁ ἐκπροσώπος τῆς ἀξίας...
ἡ ἀπαγόρευση τοῦ καπνίσματος σέ δημόσιους χώρους, ἐκδηλώθηκε ἄμεσος ἡ ἀντίσταση σέ ἑστιατόρια, ταβέρνες, μπάρ, καφενεῖα καί νυκτερινά κέντρα, οἱ ὁποῖοι δέν ἐφαρμόζουν τόν νόμο καί ἀφήνουν τούς πελάτες τους νά καπνίζουν ἐλεύθερα. Καί ἔτσι καταστρατηγεῖται ὁ νόμος ἀπό τίς ἐπιχειρήσεις ποῦ δέν ἐνδιαφέρονται γιά τούς πελάτες τους.
Καί ποῦ θά καταλήξουμε; Ἡ συνεχής ἀπειθαρχία τῶν πολιτῶν καί ἡ ἀδυναμία τοῦ κράτους νά ἐπιβάλει τούς νόμους μᾶς ὁδηγεῖ στήν κοινωνική ἀποσύνθεση, μέ ἀποτέλεσμα νά παρατηρεῖται ἔνα ὅλο καί πιό γενικευμένο φαινόμενο ἀνομίας. Ὅσο καί νά ἐπικαλούμαστε τούς νέους ἀντιστασιακούς μας, τό πρόβλημα παραμένει.
Φυσικά οἱ ἀντιστασιακοί αὐτοί δέν θά ἐκτεθοῦν ποτέ, διότι ἀνταγωνίζονται τούς «Γαύρους» τῆς Βουλῆς, «Τό κάπνισμα ὠφελεῖ σοβαρά τήν ὑγεία», «Ἐάν παρεῖτε τήν ἡμέρα τόν τρόπο σου ἐμεῖς θά σοῦ κάνουμε τήν ἡμέρα χειρότερη», «Τό ἀντίσταση ἔχει στό αἷμα τοῦ» Ἕλληνα.
ΑΛΕΞΑΝΔΡΑ ΣΤΕΦΑΝΟΠΟΥΛΟΥ
